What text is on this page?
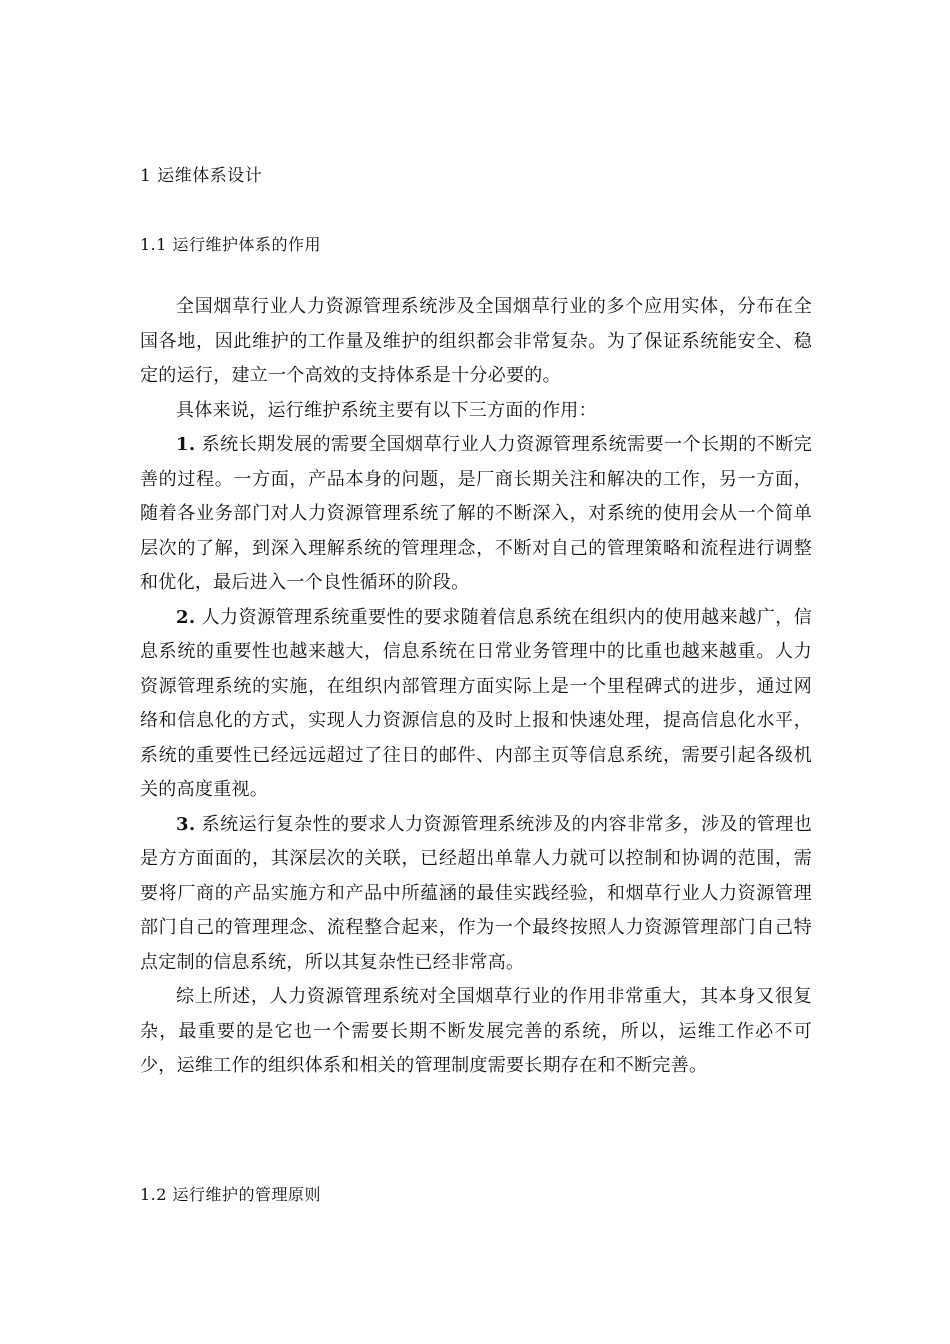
1 运维体系设计
1.1 运行维护体系的作用

全国烟草行业人力资源管理系统涉及全国烟草行业的多个应用实体，分布在全国各地，因此维护的工作量及维护的组织都会非常复杂。为了保证系统能安全、稳定的运行，建立一个高效的支持体系是十分必要的。

具体来说，运行维护系统主要有以下三方面的作用：

1. 系统长期发展的需要全国烟草行业人力资源管理系统需要一个长期的不断完善的过程。一方面，产品本身的问题，是厂商长期关注和解决的工作，另一方面，随着各业务部门对人力资源管理系统了解的不断深入，对系统的使用会从一个简单层次的了解，到深入理解系统的管理理念，不断对自己的管理策略和流程进行调整和优化，最后进入一个良性循环的阶段。

2. 人力资源管理系统重要性的要求随着信息系统在组织内的使用越来越广，信息系统的重要性也越来越大，信息系统在日常业务管理中的比重也越来越重。人力资源管理系统的实施，在组织内部管理方面实际上是一个里程碑式的进步，通过网络和信息化的方式，实现人力资源信息的及时上报和快速处理，提高信息化水平，系统的重要性已经远远超过了往日的邮件、内部主页等信息系统，需要引起各级机关的高度重视。

3. 系统运行复杂性的要求人力资源管理系统涉及的内容非常多，涉及的管理也是方方面面的，其深层次的关联，已经超出单靠人力就可以控制和协调的范围，需要将厂商的产品实施方和产品中所蕴涵的最佳实践经验，和烟草行业人力资源管理部门自己的管理理念、流程整合起来，作为一个最终按照人力资源管理部门自己特点定制的信息系统，所以其复杂性已经非常高。

综上所述，人力资源管理系统对全国烟草行业的作用非常重大，其本身又很复杂，最重要的是它也一个需要长期不断发展完善的系统，所以，运维工作必不可少，运维工作的组织体系和相关的管理制度需要长期存在和不断完善。

1.2 运行维护的管理原则
